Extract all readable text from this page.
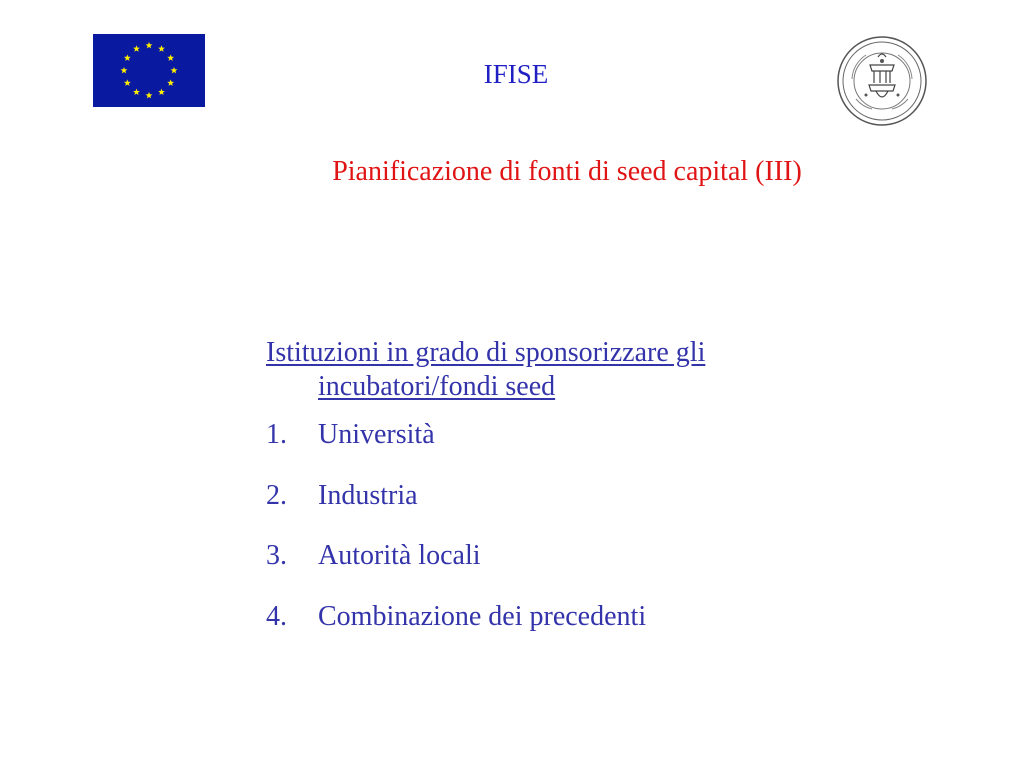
IFISE
Pianificazione di fonti di seed capital (III)
Istituzioni in grado di sponsorizzare gli incubatori/fondi seed
1. Università
2. Industria
3. Autorità locali
4. Combinazione dei precedenti
